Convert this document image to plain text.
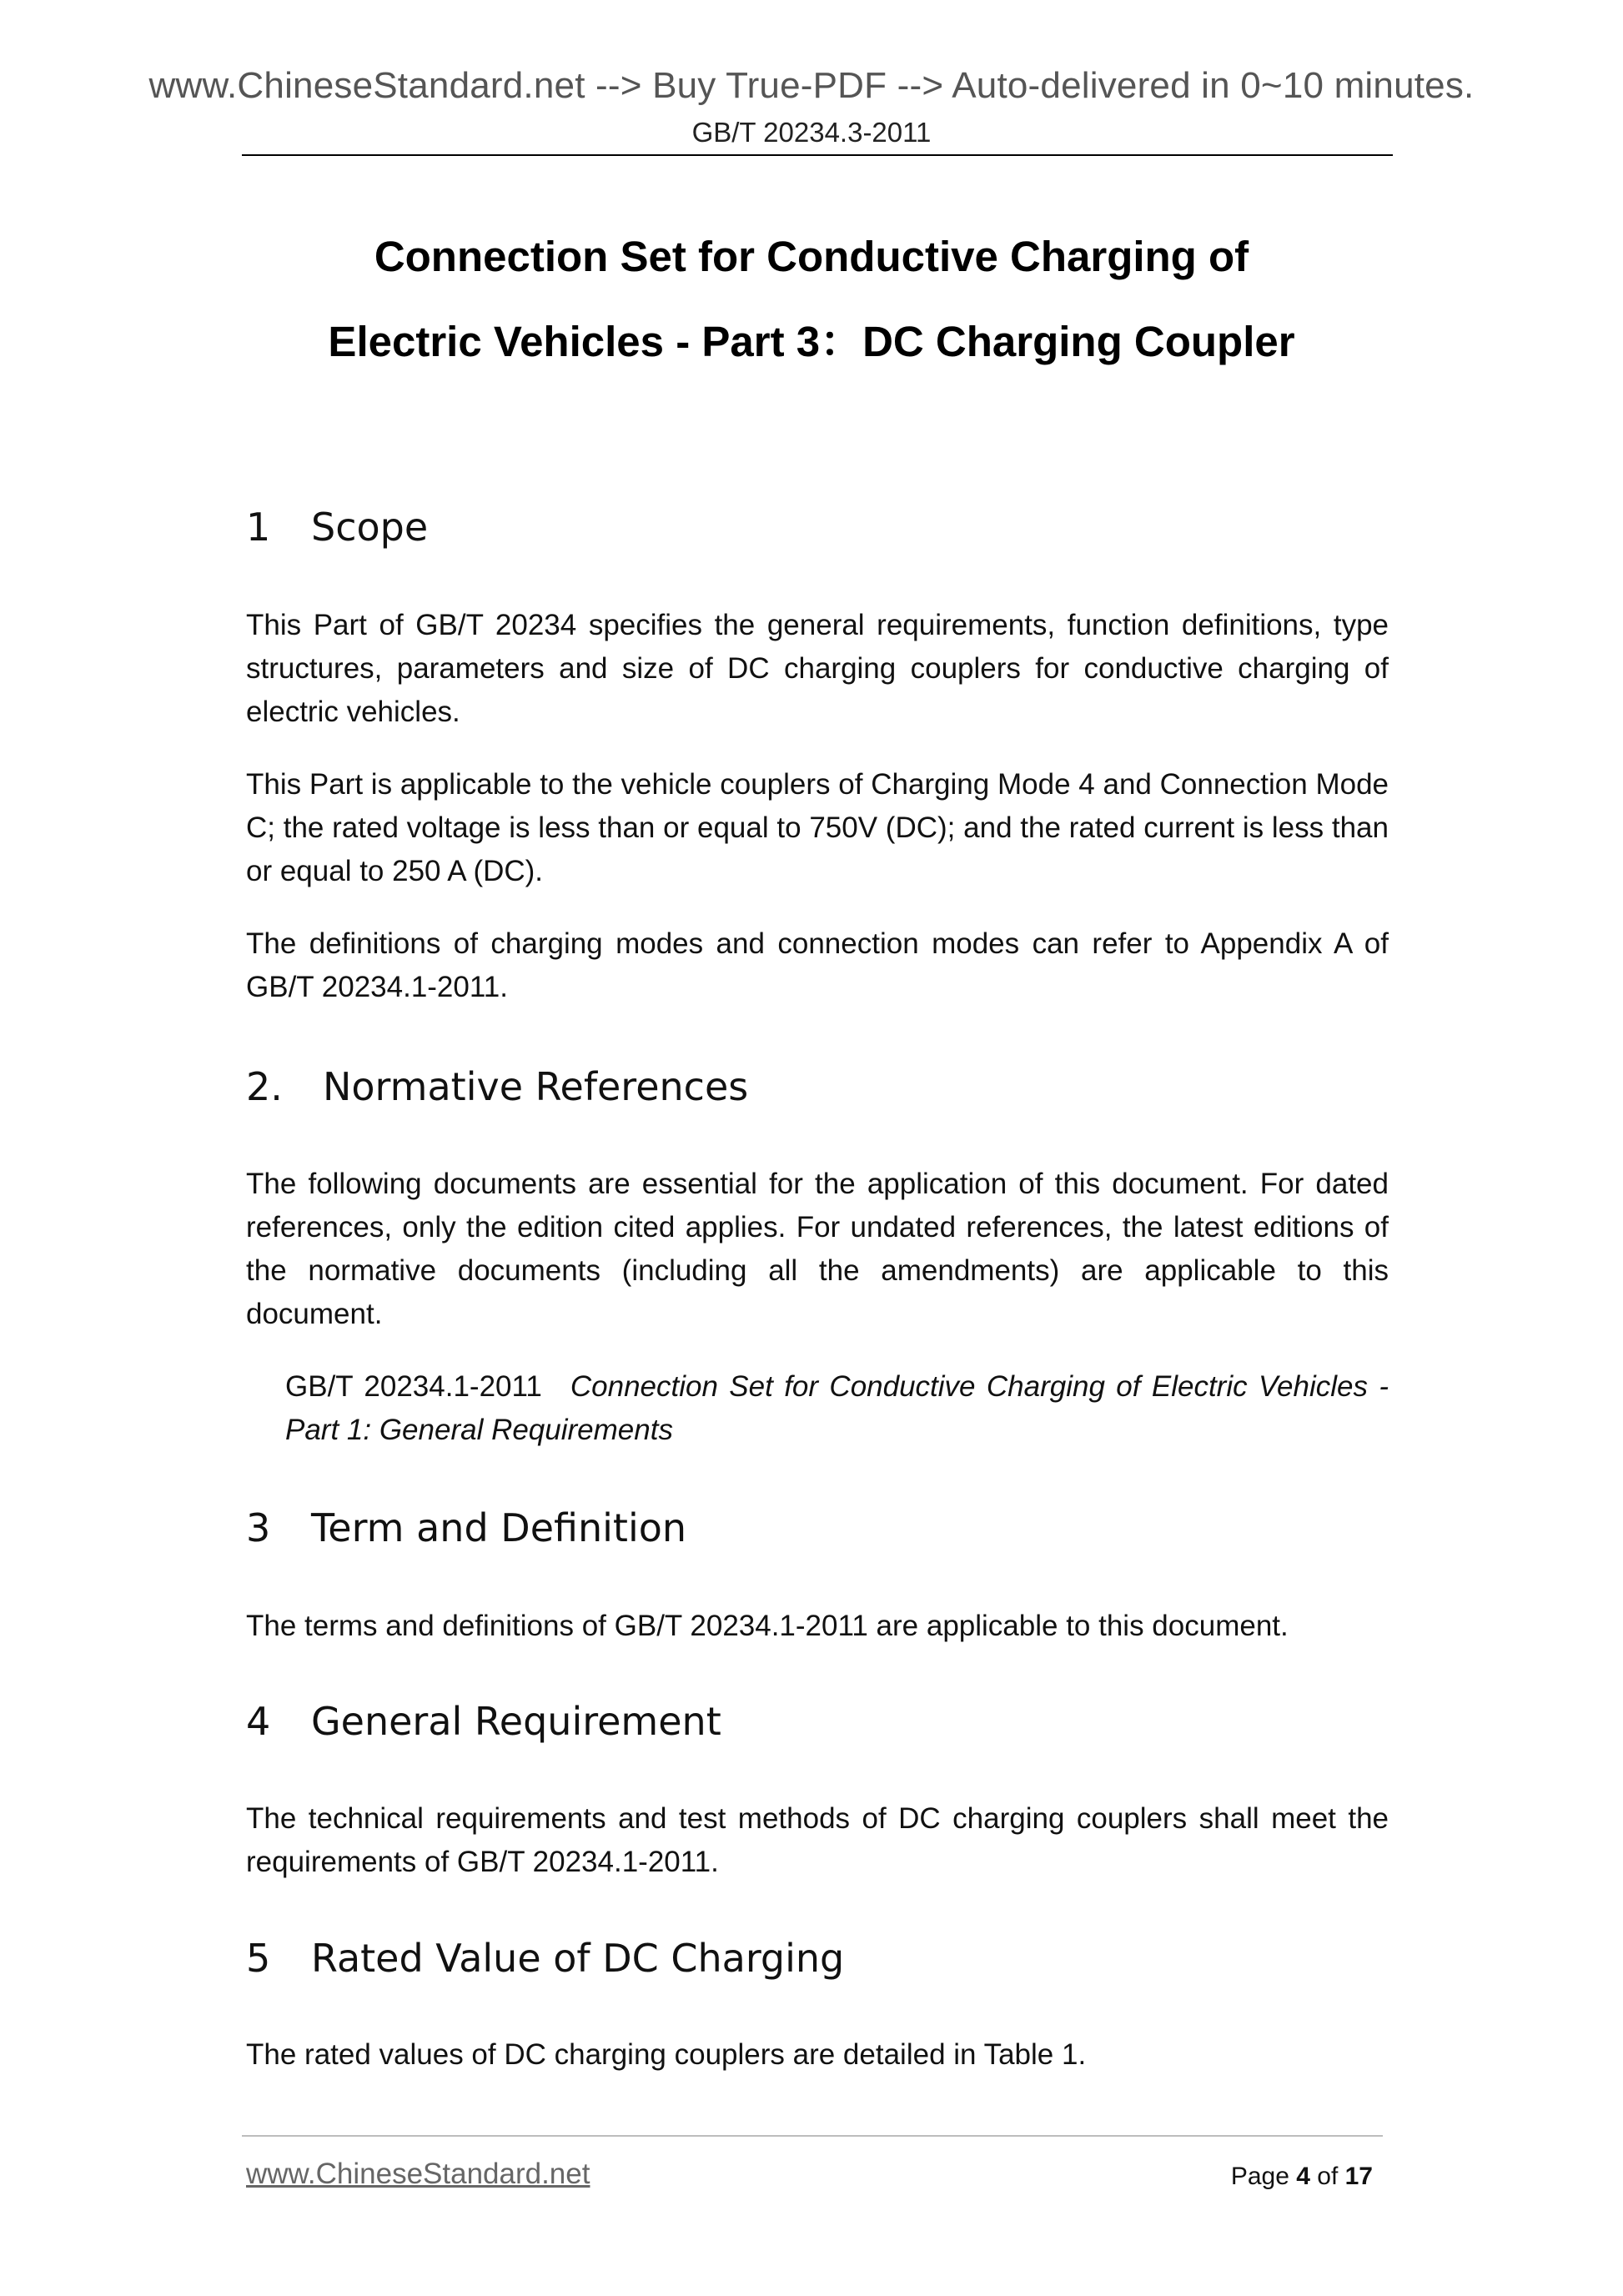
www.ChineseStandard.net --> Buy True-PDF --> Auto-delivered in 0~10 minutes.
GB/T 20234.3-2011
Connection Set for Conductive Charging of
Electric Vehicles - Part 3：DC Charging Coupler
1 Scope

This Part of GB/T 20234 specifies the general requirements, function definitions, type structures, parameters and size of DC charging couplers for conductive charging of electric vehicles.

This Part is applicable to the vehicle couplers of Charging Mode 4 and Connection Mode C; the rated voltage is less than or equal to 750V (DC); and the rated current is less than or equal to 250 A (DC).

The definitions of charging modes and connection modes can refer to Appendix A of GB/T 20234.1-2011.

2. Normative References

The following documents are essential for the application of this document. For dated references, only the edition cited applies. For undated references, the latest editions of the normative documents (including all the amendments) are applicable to this document.

GB/T 20234.1-2011 Connection Set for Conductive Charging of Electric Vehicles - Part 1: General Requirements

3 Term and Definition

The terms and definitions of GB/T 20234.1-2011 are applicable to this document.

4 General Requirement

The technical requirements and test methods of DC charging couplers shall meet the requirements of GB/T 20234.1-2011.

5 Rated Value of DC Charging

The rated values of DC charging couplers are detailed in Table 1.

www.ChineseStandard.net	Page 4 of 17
